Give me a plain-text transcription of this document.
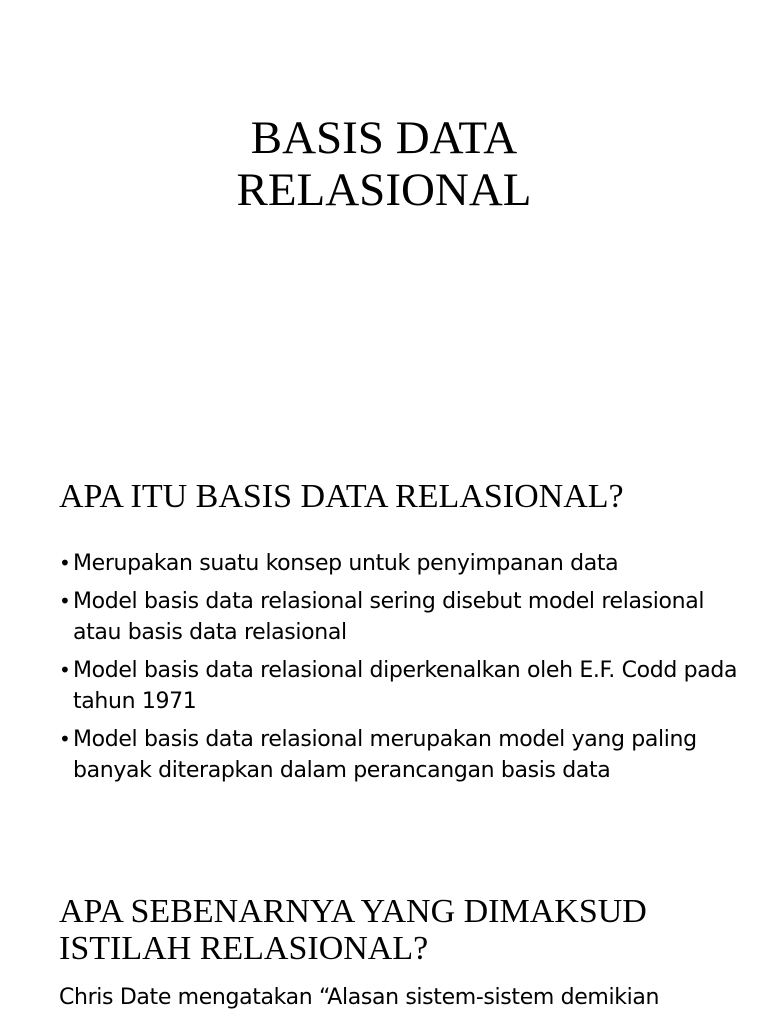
BASIS DATA
RELASIONAL
APA ITU BASIS DATA RELASIONAL?
• Merupakan suatu konsep untuk penyimpanan data
• Model basis data relasional sering disebut model relasional atau basis data relasional
• Model basis data relasional diperkenalkan oleh E.F. Codd pada tahun 1971
• Model basis data relasional merupakan model yang paling banyak diterapkan dalam perancangan basis data
APA SEBENARNYA YANG DIMAKSUD
ISTILAH RELASIONAL?

Chris Date mengatakan “Alasan sistem-sistem demikian
